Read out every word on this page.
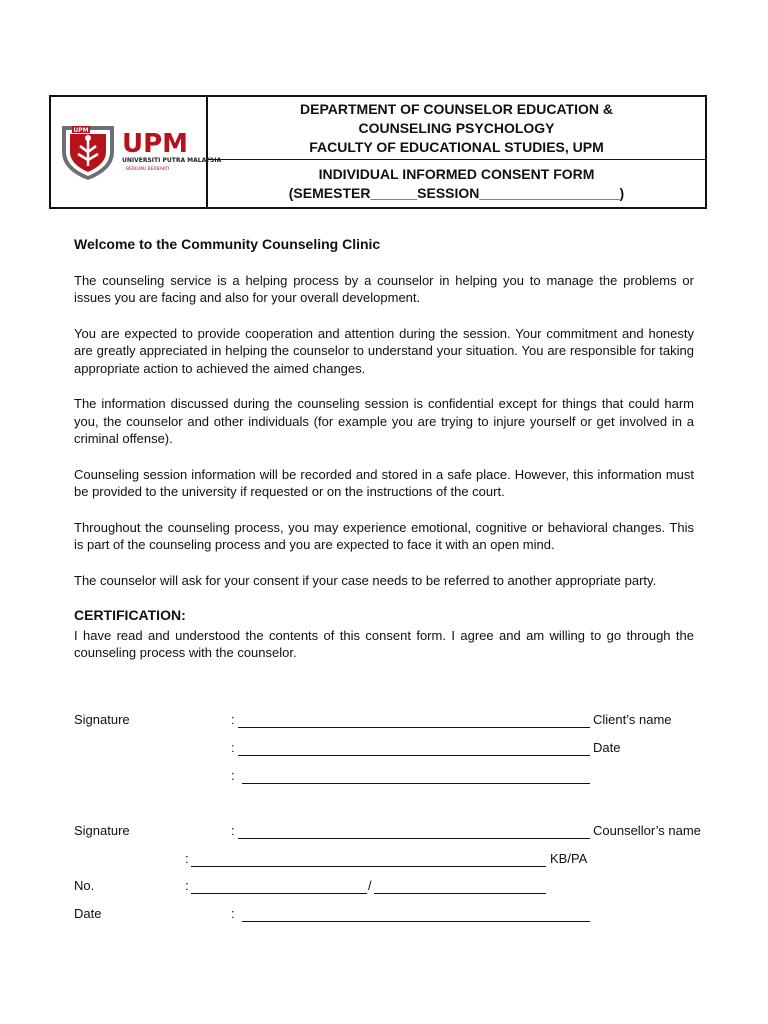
UPM UPM
UNIVERSITI PUTRA MALAYSIA
BERILMU BERBAKTI
DEPARTMENT OF COUNSELOR EDUCATION &
COUNSELING PSYCHOLOGY
FACULTY OF EDUCATIONAL STUDIES, UPM
INDIVIDUAL INFORMED CONSENT FORM
(SEMESTER______SESSION__________________)
Welcome to the Community Counseling Clinic

The counseling service is a helping process by a counselor in helping you to manage the problems or issues you are facing and also for your overall development.

You are expected to provide cooperation and attention during the session. Your commitment and honesty are greatly appreciated in helping the counselor to understand your situation. You are responsible for taking appropriate action to achieved the aimed changes.

The information discussed during the counseling session is confidential except for things that could harm you, the counselor and other individuals (for example you are trying to injure yourself or get involved in a criminal offense).

Counseling session information will be recorded and stored in a safe place. However, this information must be provided to the university if requested or on the instructions of the court.

Throughout the counseling process, you may experience emotional, cognitive or behavioral changes. This is part of the counseling process and you are expected to face it with an open mind.

The counselor will ask for your consent if your case needs to be referred to another appropriate party.

CERTIFICATION:

I have read and understood the contents of this consent form. I agree and am willing to go through the counseling process with the counselor.

Signature	:	Client’s name
:	Date
:
Signature	:	Counsellor’s name
:	KB/PA
No.	:	/
Date	:
